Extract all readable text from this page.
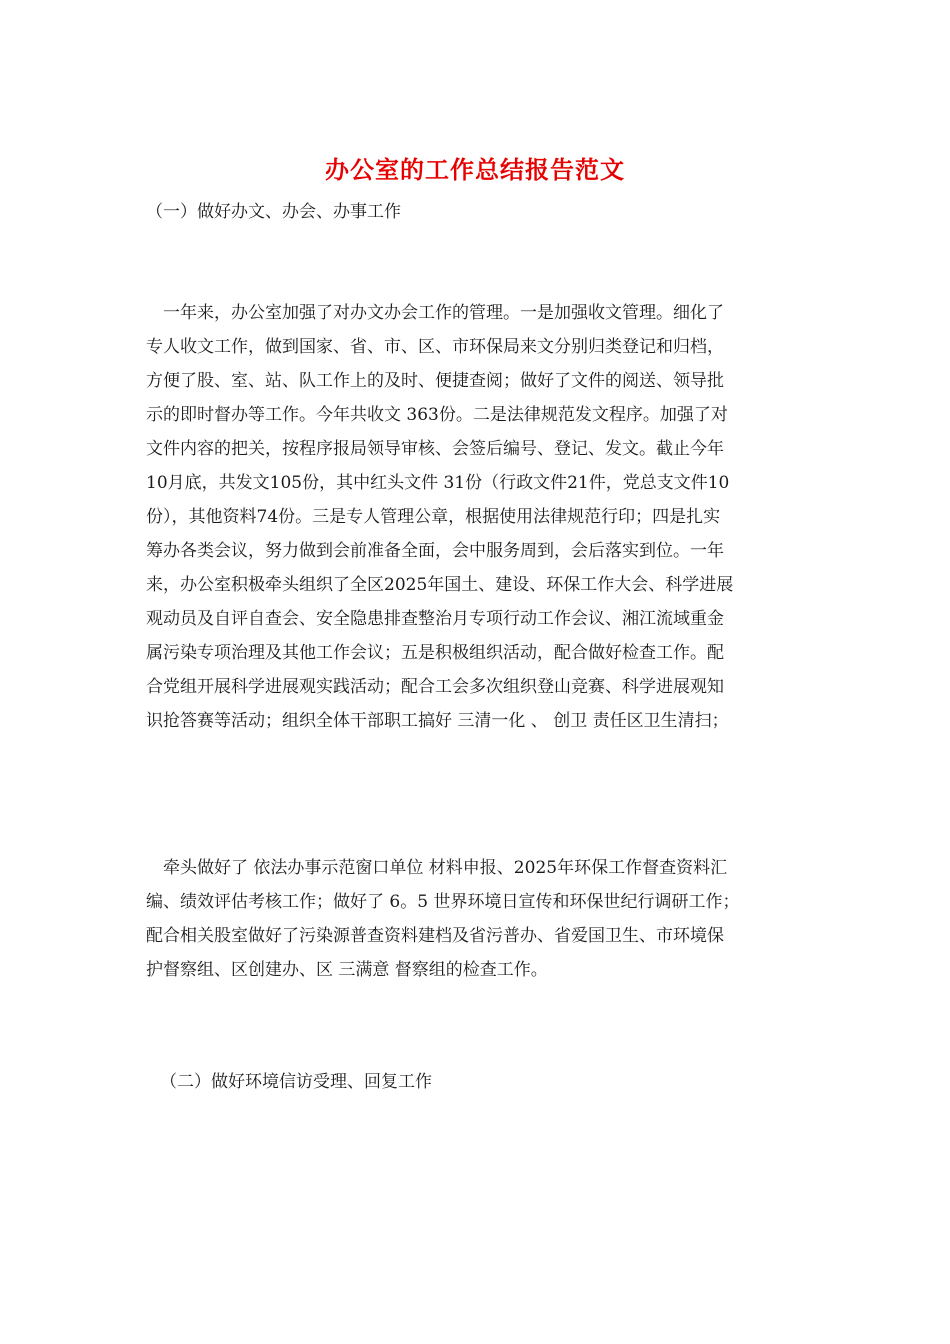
办公室的工作总结报告范文
（一）做好办文、办会、办事工作
一年来，办公室加强了对办文办会工作的管理。一是加强收文管理。细化了
专人收文工作，做到国家、省、市、区、市环保局来文分别归类登记和归档，
方便了股、室、站、队工作上的及时、便捷查阅；做好了文件的阅送、领导批
示的即时督办等工作。今年共收文 363份。二是法律规范发文程序。加强了对
文件内容的把关，按程序报局领导审核、会签后编号、登记、发文。截止今年
10月底，共发文105份，其中红头文件 31份（行政文件21件，党总支文件10
份），其他资料74份。三是专人管理公章，根据使用法律规范行印；四是扎实
筹办各类会议，努力做到会前准备全面，会中服务周到，会后落实到位。一年
来，办公室积极牵头组织了全区2025年国土、建设、环保工作大会、科学进展
观动员及自评自查会、安全隐患排查整治月专项行动工作会议、湘江流域重金
属污染专项治理及其他工作会议；五是积极组织活动，配合做好检查工作。配
合党组开展科学进展观实践活动；配合工会多次组织登山竞赛、科学进展观知
识抢答赛等活动；组织全体干部职工搞好 三清一化 、 创卫 责任区卫生清扫；
牵头做好了 依法办事示范窗口单位 材料申报、2025年环保工作督查资料汇
编、绩效评估考核工作；做好了 6。5 世界环境日宣传和环保世纪行调研工作；
配合相关股室做好了污染源普查资料建档及省污普办、省爱国卫生、市环境保
护督察组、区创建办、区 三满意 督察组的检查工作。
（二）做好环境信访受理、回复工作
